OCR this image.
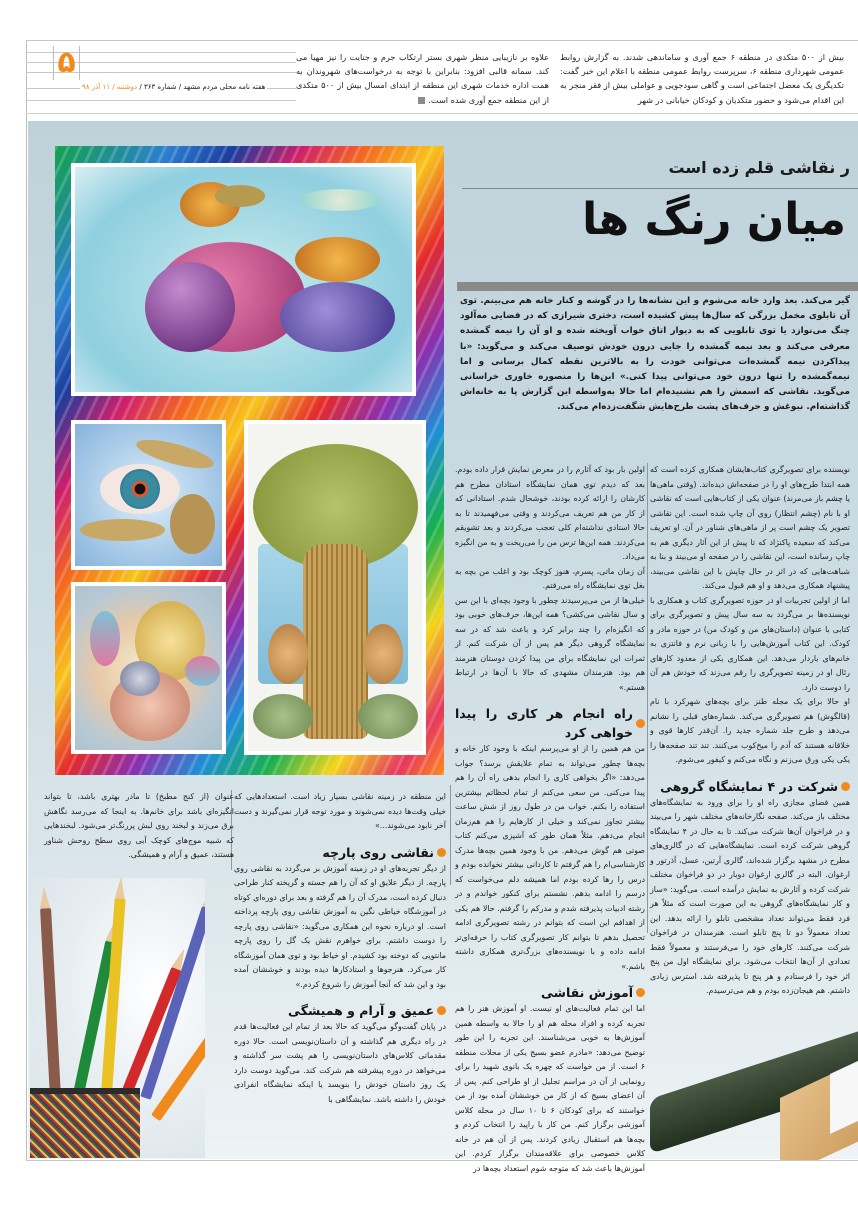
۵
هفته نامه محلی مردم مشهد / شماره ۳۶۳ / دوشنبه / ۱۱ آذر ۹۸
بیش از ۵۰۰ متکدی در منطقه ۶ جمع آوری و ساماندهی شدند. به گزارش روابط عمومی شهرداری منطقه ۶، سرپرست روابط عمومی منطقه با اعلام این خبر گفت: تکدیگری یک معضل اجتماعی است و گاهی سودجویی و عواملی بیش از فقر منجر به این اقدام می‌شود و حضور متکدیان و کودکان خیابانی در شهر
علاوه بر نازیبایی منظر شهری بستر ارتکاب جرم و جنایت را نیز مهیا می کند. سمانه قالبی افزود: بنابراین با توجه به درخواست‌های شهروندان به همت اداره خدمات شهری این منطقه از ابتدای امسال بیش از ۵۰۰ متکدی از این منطقه جمع آوری شده است.
ر نقاشی قلم زده است
میان رنگ ها
گیر می‌کند. بعد وارد خانه می‌شوم و این نشانه‌ها را در گوشه و کنار خانه هم می‌بینم. توی آن تابلوی مخمل بزرگی که سال‌ها پیش کشیده است، دختری شیرازی که در فضایی مه‌آلود چنگ می‌نوازد یا توی تابلویی که به دیوار اتاق خواب آویخته شده و او آن را نیمه گمشده معرفی می‌کند و بعد نیمه گمشده را جایی درون خودش توصیف می‌کند و می‌گوید: «با پیداکردن نیمه گمشده‌ات می‌توانی خودت را به بالاترین نقطه کمال برسانی و اما نیمه‌گمشده را تنها درون خود می‌توانی پیدا کنی.» این‌ها را منصوره خاوری خراسانی می‌گوید. نقاشی که اسمش را هم نشنیده‌ام اما حالا به‌واسطه این گزارش پا به خانه‌اش گذاشته‌ام. نبوغش و حرف‌های پشت طرح‌هایش شگفت‌زده‌ام می‌کند.

نویسنده برای تصویرگری کتاب‌هایشان همکاری کرده است که همه ابتدا طرح‌های او را در صفحه‌اش دیده‌اند. (وقتی ماهی‌ها یا چشم باز می‌مرند) عنوان یکی از کتاب‌هایی است که نقاشی او با نام (چشم انتظار) روی آن چاپ شده است. این نقاشی تصویر یک چشم است پر از ماهی‌های شناور در آن. او تعریف می‌کند که سعیده پاکنژاد که تا پیش از این آثار دیگری هم به چاپ رسانده است، این نقاشی را در صفحه او می‌بیند و بنا به شباهت‌هایی که در اثر در حال چاپش با این نقاشی می‌بیند، پیشنهاد همکاری می‌دهد و او هم قبول می‌کند.

اما از اولین تجربیات او در حوزه تصویرگری کتاب و همکاری با نویسنده‌ها بر می‌گردد به سه سال پیش و تصویرگری برای کتابی با عنوان (داستان‌های من و کودک من) در حوزه مادر و کودک. این کتاب آموزش‌هایی را با زبانی نرم و فانتزی به خانم‌های باردار می‌دهد. این همکاری یکی از معدود کارهای رئال او در زمینه تصویرگری را رقم می‌زند که خودش هم آن را دوست دارد.

او حالا برای یک مجله طنز برای بچه‌های شهرکرد با نام (قالگوش) هم تصویرگری می‌کند. شماره‌های قبلی را نشانم می‌دهد و طرح جلد شماره جدید را. آن‌قدر کارها قوی و خلاقانه هستند که آدم را میخ‌کوب می‌کنند. تند تند صفحه‌ها را یکی یکی ورق می‌زنم و نگاه می‌کنم و کیفور می‌شوم.

شرکت در ۴ نمایشگاه گروهی

همین فضای مجازی راه او را برای ورود به نمایشگاه‌های مختلف باز می‌کند. صفحه نگارخانه‌های مختلف شهر را می‌بیند و در فراخوان آن‌ها شرکت می‌کند. تا به حال در ۴ نمایشگاه گروهی شرکت کرده است. نمایشگاه‌هایی که در گالری‌های مطرح در مشهد برگزار شده‌اند، گالری آرتین، عسل، آذرتور و ارغوان. البته در گالری ارغوان دوبار در دو فراخوان مختلف شرکت کرده و آثارش به نمایش درآمده است. می‌گوید: «ساز و کار نمایشگاه‌های گروهی به این صورت است که مثلاً هر فرد فقط می‌تواند تعداد مشخصی تابلو را ارائه بدهد. این تعداد معمولاً دو تا پنج تابلو است. هنرمندان در فراخوان شرکت می‌کنند. کارهای خود را می‌فرستند و معمولاً فقط تعدادی از آن‌ها انتخاب می‌شود. برای نمایشگاه اول من پنج اثر خود را فرستادم و هر پنج تا پذیرفته شد. استرس زیادی داشتم. هم هیجان‌زده بودم و هم می‌ترسیدم.

اولین بار بود که آثارم را در معرض نمایش قرار داده بودم. بعد که دیدم توی همان نمایشگاه استادان مطرح هم کارشان را ارائه کرده بودند، خوشحال شدم. استادانی که از کار من هم تعریف می‌کردند و وقتی می‌فهمیدند تا به حالا استادی نداشته‌ام کلی تعجب می‌کردند و بعد تشویقم می‌کردند. همه این‌ها ترس من را می‌ریخت و به من انگیزه می‌داد.

آن زمان ماتی، پسرم، هنوز کوچک بود و اغلب من بچه به بغل توی نمایشگاه راه می‌رفتم.

خیلی‌ها از من می‌پرسیدند چطور با وجود بچه‌ای با این سن و سال نقاشی می‌کشی؟ همه این‌ها، حرف‌های خوبی بود که انگیزه‌ام را چند برابر کرد و باعث شد که در سه نمایشگاه گروهی دیگر هم پس از آن شرکت کنم. از ثمرات این نمایشگاه برای من پیدا کردن دوستان هنرمند هم بود. هنرمندان مشهدی که حالا با آن‌ها در ارتباط هستم.»

راه انجام هر کاری را پیدا خواهی کرد

من هم همین را از او می‌پرسم اینکه با وجود کار خانه و بچه‌ها چطور می‌تواند به تمام علایقش برسد؟ جواب می‌دهد: «اگر بخواهی کاری را انجام بدهی راه آن را هم پیدا می‌کنی. من سعی می‌کنم از تمام لحظاتم بیشترین استفاده را بکنم. خواب من در طول روز از شش ساعت بیشتر تجاوز نمی‌کند و خیلی از کارهایم را هم هم‌زمان انجام می‌دهم. مثلاً همان طور که آشپزی می‌کنم کتاب صوتی هم گوش می‌دهم. من با وجود همین بچه‌ها مدرک کارشناسی‌ام را هم گرفتم تا کاردانی بیشتر نخوانده بودم و درس را رها کرده بودم اما همیشه دلم می‌خواست که درسم را ادامه بدهم. نشستم برای کنکور خواندم و در رشته ادبیات پذیرفته شدم و مدرکم را گرفتم. حالا هم یکی از اهدافم این است که بتوانم در رشته تصویرگری ادامه تحصیل بدهم تا بتوانم کار تصویرگری کتاب را حرفه‌ای‌تر ادامه داده و با نویسنده‌های بزرگ‌تری همکاری داشته باشم.»

آموزش نقاشی

اما این تمام فعالیت‌های او نیست. او آموزش هنر را هم تجربه کرده و افراد محله هم او را حالا به واسطه همین آموزش‌ها به خوبی می‌شناسند. این تجربه را این طور توضیح می‌دهد: «مادرم عضو بسیج یکی از محلات منطقه ۶ است. از من خواست که چهره یک بانوی شهید را برای رونمایی از آن در مراسم تجلیل از او طراحی کنم. پس از آن اعضای بسیج که از کار من خوششان آمده بود از من خواستند که برای کودکان ۶ تا ۱۰ سال در محله کلاس آموزشی برگزار کنم. من کار با راپید را انتخاب کردم و بچه‌ها هم استقبال زیادی کردند. پس از آن هم در خانه کلاس خصوصی برای علاقه‌مندان برگزار کردم. این آموزش‌ها باعث شد که متوجه شوم استعداد بچه‌ها در

این منطقه در زمینه نقاشی بسیار زیاد است. استعدادهایی که خیلی وقت‌ها دیده نمی‌شوند و مورد توجه قرار نمی‌گیرند و دست آخر نابود می‌شوند...»

نقاشی روی پارچه

از دیگر تجربه‌های او در زمینه آموزش بر می‌گردد به نقاشی روی پارچه. از دیگر علایق او که آن را هم جسته و گریخته کنار طراحی دنبال کرده است، مدرک آن را هم گرفته و بعد برای دوره‌ای کوتاه در آموزشگاه خیاطی نگین به آموزش نقاشی روی پارچه پرداخته است. او درباره نحوه این همکاری می‌گوید: «نقاشی روی پارچه را دوست داشتم. برای خواهرم نقش یک گل را روی پارچه مانتویی که دوخته بود کشیدم. او خیاط بود و توی همان آموزشگاه کار می‌کرد. هنرجوها و استادکارها دیده بودند و خوششان آمده بود و این شد که آنجا آموزش را شروع کردم.»

عمیق و آرام و همیشگی

در پایان گفت‌وگو می‌گوید که حالا بعد از تمام این فعالیت‌ها قدم در راه دیگری هم گذاشته و آن داستان‌نویسی است. حالا دوره مقدماتی کلاس‌های داستان‌نویسی را هم پشت سر گذاشته و می‌خواهد در دوره پیشرفته هم شرکت کند. می‌گوید دوست دارد یک روز داستان خودش را بنویسد یا اینکه نمایشگاه انفرادی خودش را داشته باشد. نمایشگاهی با

عنوان (از کنج مطبخ) تا مادر بهتری باشد، تا بتواند انگیزه‌ای باشد برای خانم‌ها. به اینجا که می‌رسد نگاهش برق می‌زند و لبخند روی لبش پررنگ‌تر می‌شود. لبخندهایی که شبیه موج‌های کوچک آبی روی سطح روحش شناور هستند، عمیق و آرام و همیشگی.
